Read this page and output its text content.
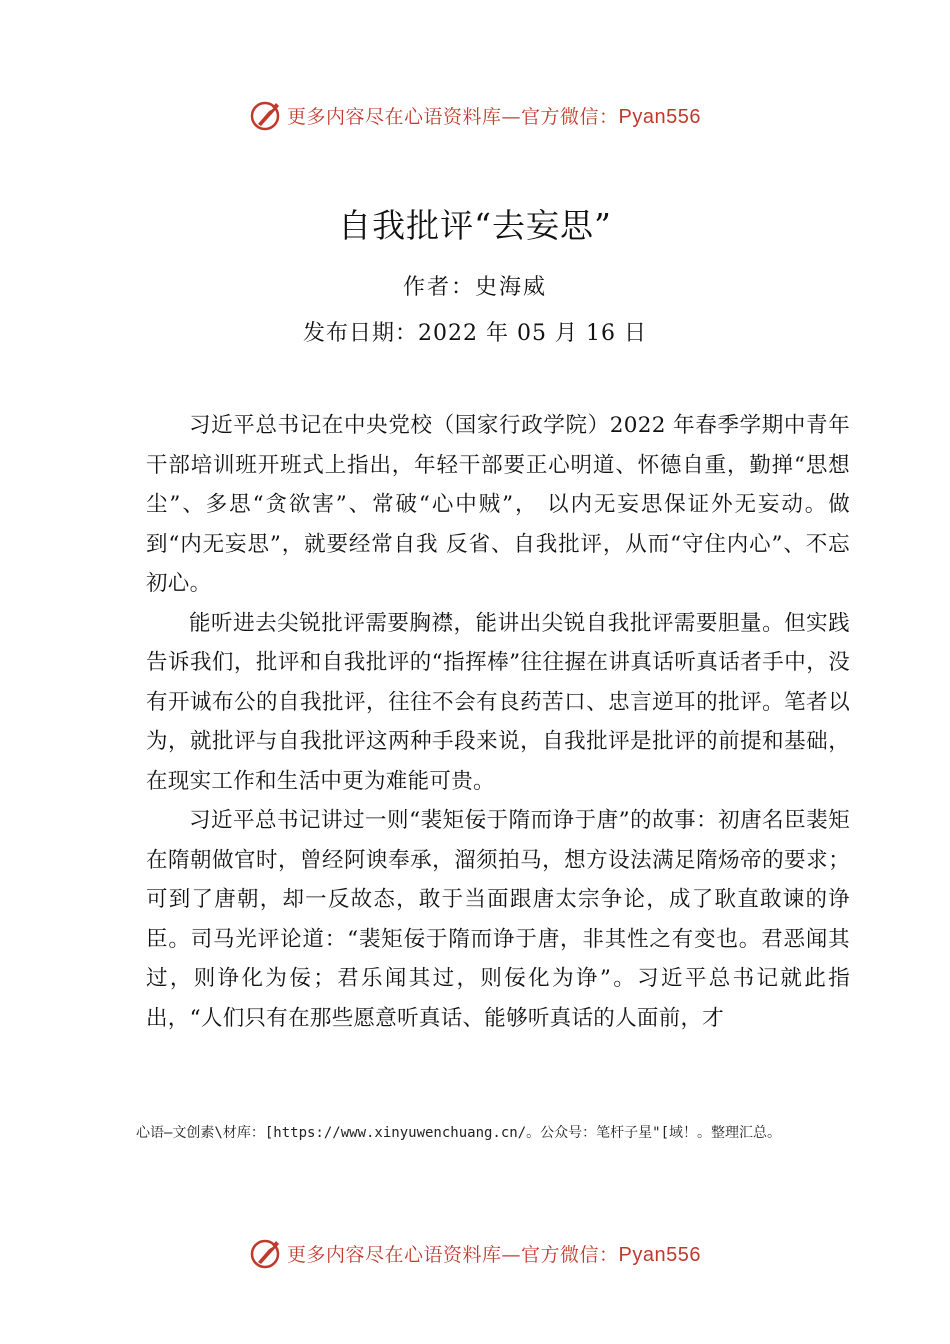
更多内容尽在心语资料库—官方微信：Pyan556
自我批评“去妄思”
作者：史海威
发布日期：2022 年 05 月 16 日

习近平总书记在中央党校（国家行政学院）2022 年春季学期中青年干部培训班开班式上指出，年轻干部要正心明道、怀德自重，勤掸“思想尘”、多思“贪欲害”、常破“心中贼”， 以内无妄思保证外无妄动。做到“内无妄思”，就要经常自我 反省、自我批评，从而“守住内心”、不忘初心。

能听进去尖锐批评需要胸襟，能讲出尖锐自我批评需要胆量。但实践告诉我们，批评和自我批评的“指挥棒”往往握在讲真话听真话者手中，没有开诚布公的自我批评，往往不会有良药苦口、忠言逆耳的批评。笔者以为，就批评与自我批评这两种手段来说，自我批评是批评的前提和基础，在现实工作和生活中更为难能可贵。

习近平总书记讲过一则“裴矩佞于隋而诤于唐”的故事：初唐名臣裴矩在隋朝做官时，曾经阿谀奉承，溜须拍马，想方设法满足隋炀帝的要求；可到了唐朝，却一反故态，敢于当面跟唐太宗争论，成了耿直敢谏的诤臣。司马光评论道：“裴矩佞于隋而诤于唐，非其性之有变也。君恶闻其过，则诤化为佞；君乐闻其过，则佞化为诤”。习近平总书记就此指出，“人们只有在那些愿意听真话、能够听真话的人面前，才

心语—文创素\材库：[https://www.xinyuwenchuang.cn/。公众号：笔杆子星"[域！。整理汇总。
更多内容尽在心语资料库—官方微信：Pyan556
